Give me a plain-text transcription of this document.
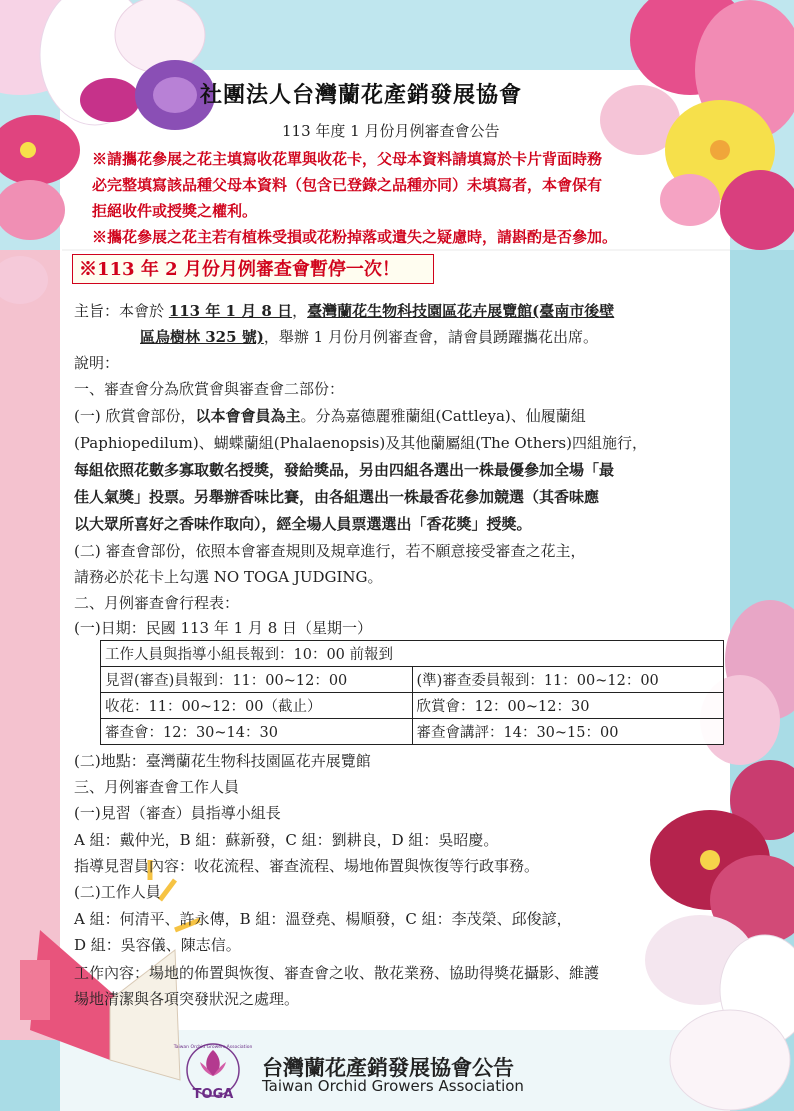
社團法人台灣蘭花產銷發展協會
113 年度 1 月份月例審查會公告
※請攜花參展之花主填寫收花單與收花卡，父母本資料請填寫於卡片背面時務
必完整填寫該品種父母本資料（包含已登錄之品種亦同）未填寫者，本會保有
拒絕收件或授獎之權利。
※攜花參展之花主若有植株受損或花粉掉落或遺失之疑慮時，請斟酌是否參加。
※113 年 2 月份月例審查會暫停一次！
主旨：本會於 113 年 1 月 8 日，臺灣蘭花生物科技園區花卉展覽館(臺南市後壁
區烏樹林 325 號)，舉辦 1 月份月例審查會，請會員踴躍攜花出席。
說明：
一、審查會分為欣賞會與審查會二部份：
(一) 欣賞會部份，以本會會員為主。分為嘉德麗雅蘭組(Cattleya)、仙履蘭組
(Paphiopedilum)、蝴蝶蘭組(Phalaenopsis)及其他蘭屬組(The Others)四組施行，
每組依照花數多寡取數名授獎，發給獎品，另由四組各選出一株最優參加全場「最
佳人氣獎」投票。另舉辦香味比賽，由各組選出一株最香花參加競選（其香味應
以大眾所喜好之香味作取向），經全場人員票選選出「香花獎」授獎。
(二) 審查會部份，依照本會審查規則及規章進行，若不願意接受審查之花主，
請務必於花卡上勾選 NO TOGA JUDGING。
二、月例審查會行程表：
(一)日期：民國 113 年 1 月 8 日（星期一）
工作人員與指導小組長報到：10：00 前報到	
見習(審查)員報到：11：00~12：00	(準)審查委員報到：11：00~12：00
收花：11：00~12：00（截止）	欣賞會：12：00~12：30
審查會：12：30~14：30	審查會講評：14：30~15：00
(二)地點：臺灣蘭花生物科技園區花卉展覽館
三、月例審查會工作人員
(一)見習（審查）員指導小組長
A 組：戴仲光，B 組：蘇新發，C 組：劉耕良，D 組：吳昭慶。
指導見習員內容：收花流程、審查流程、場地佈置與恢復等行政事務。
(二)工作人員
A 組：何清平、許永傳，B 組：溫登堯、楊順發，C 組：李茂榮、邱俊諺，
D 組：吳容儀、陳志信。
工作內容：場地的佈置與恢復、審查會之收、散花業務、協助得獎花攝影、維護
場地清潔與各項突發狀況之處理。
TOGA
Taiwan Orchid Growers Association
台灣蘭花產銷發展協會公告
Taiwan Orchid Growers Association
